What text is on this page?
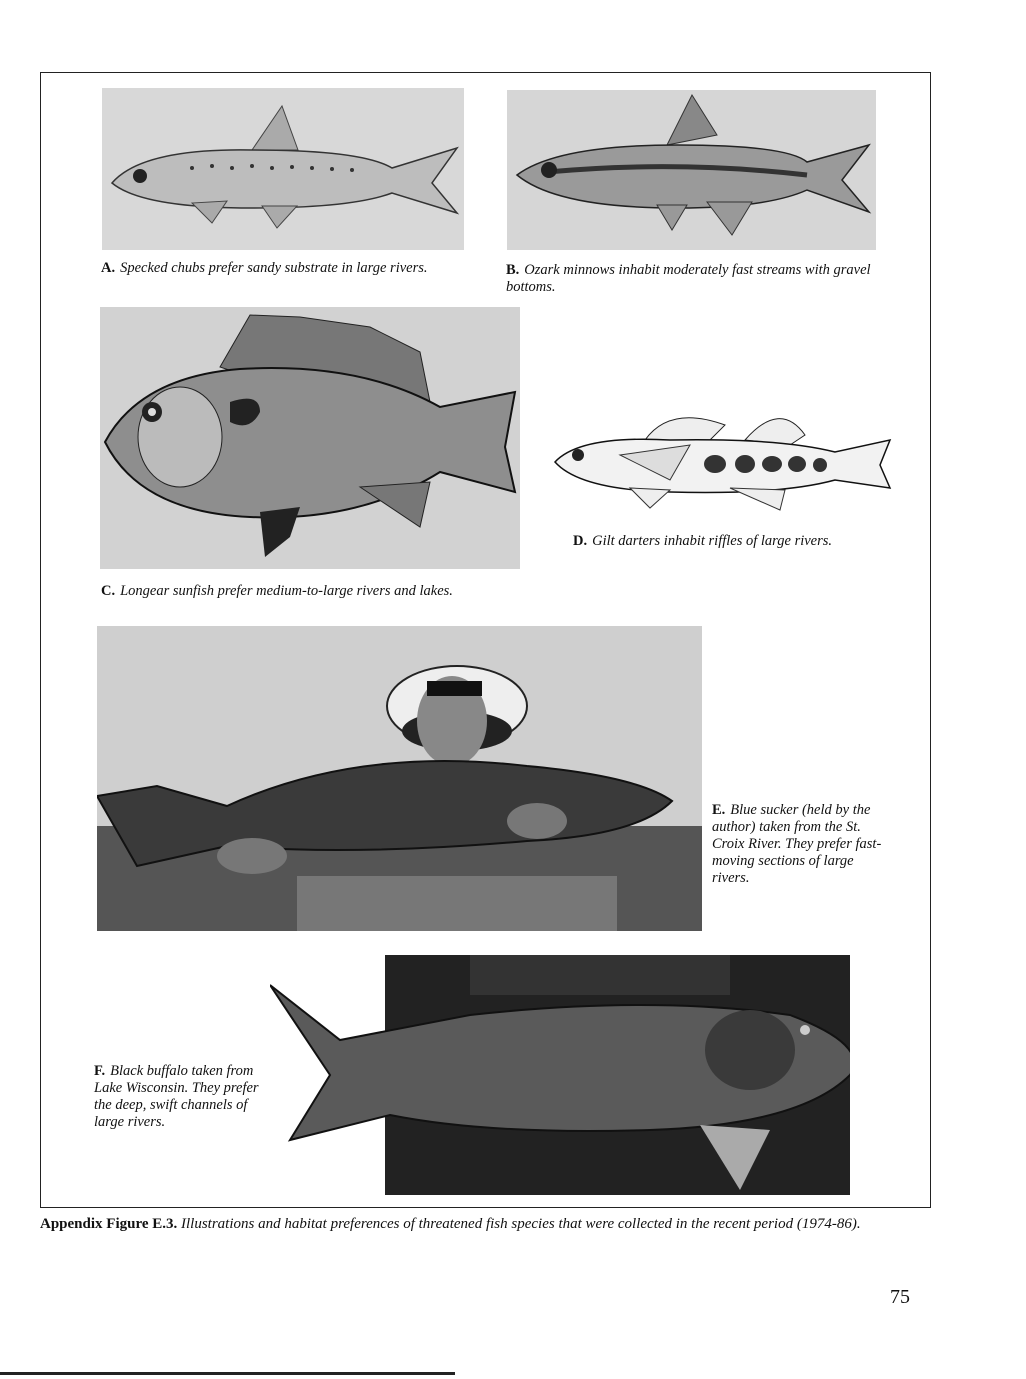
A. Specked chubs prefer sandy substrate in large rivers.	B. Ozark minnows inhabit moderately fast streams with gravel bottoms.
C. Longear sunfish prefer medium-to-large rivers and lakes.
D. Gilt darters inhabit riffles of large rivers.
E. Blue sucker (held by the author) taken from the St. Croix River. They prefer fast-moving sections of large rivers.
F. Black buffalo taken from Lake Wisconsin. They prefer the deep, swift channels of large rivers.
Appendix Figure E.3. Illustrations and habitat preferences of threatened fish species that were collected in the recent period (1974-86).
75
